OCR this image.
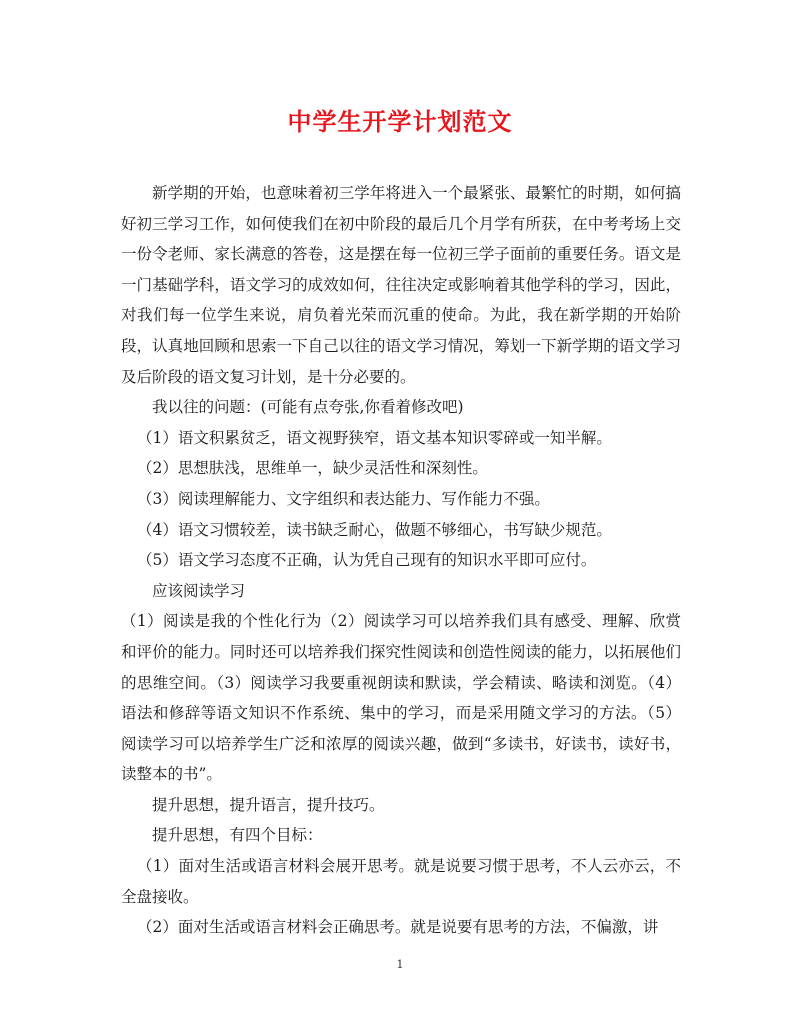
中学生开学计划范文

新学期的开始，也意味着初三学年将进入一个最紧张、最繁忙的时期，如何搞好初三学习工作，如何使我们在初中阶段的最后几个月学有所获，在中考考场上交一份令老师、家长满意的答卷，这是摆在每一位初三学子面前的重要任务。语文是一门基础学科，语文学习的成效如何，往往决定或影响着其他学科的学习，因此，对我们每一位学生来说，肩负着光荣而沉重的使命。为此，我在新学期的开始阶段，认真地回顾和思索一下自己以往的语文学习情况，筹划一下新学期的语文学习及后阶段的语文复习计划，是十分必要的。

我以往的问题：(可能有点夸张,你看着修改吧)

（1）语文积累贫乏，语文视野狭窄，语文基本知识零碎或一知半解。

（2）思想肤浅，思维单一，缺少灵活性和深刻性。

（3）阅读理解能力、文字组织和表达能力、写作能力不强。

（4）语文习惯较差，读书缺乏耐心，做题不够细心，书写缺少规范。

（5）语文学习态度不正确，认为凭自己现有的知识水平即可应付。

应该阅读学习

（1）阅读是我的个性化行为（2）阅读学习可以培养我们具有感受、理解、欣赏和评价的能力。同时还可以培养我们探究性阅读和创造性阅读的能力，以拓展他们的思维空间。（3）阅读学习我要重视朗读和默读，学会精读、略读和浏览。（4）语法和修辞等语文知识不作系统、集中的学习，而是采用随文学习的方法。（5）阅读学习可以培养学生广泛和浓厚的阅读兴趣，做到“多读书，好读书，读好书，读整本的书”。

提升思想，提升语言，提升技巧。

提升思想，有四个目标：

（1）面对生活或语言材料会展开思考。就是说要习惯于思考，不人云亦云，不全盘接收。

（2）面对生活或语言材料会正确思考。就是说要有思考的方法，不偏激，讲

1
